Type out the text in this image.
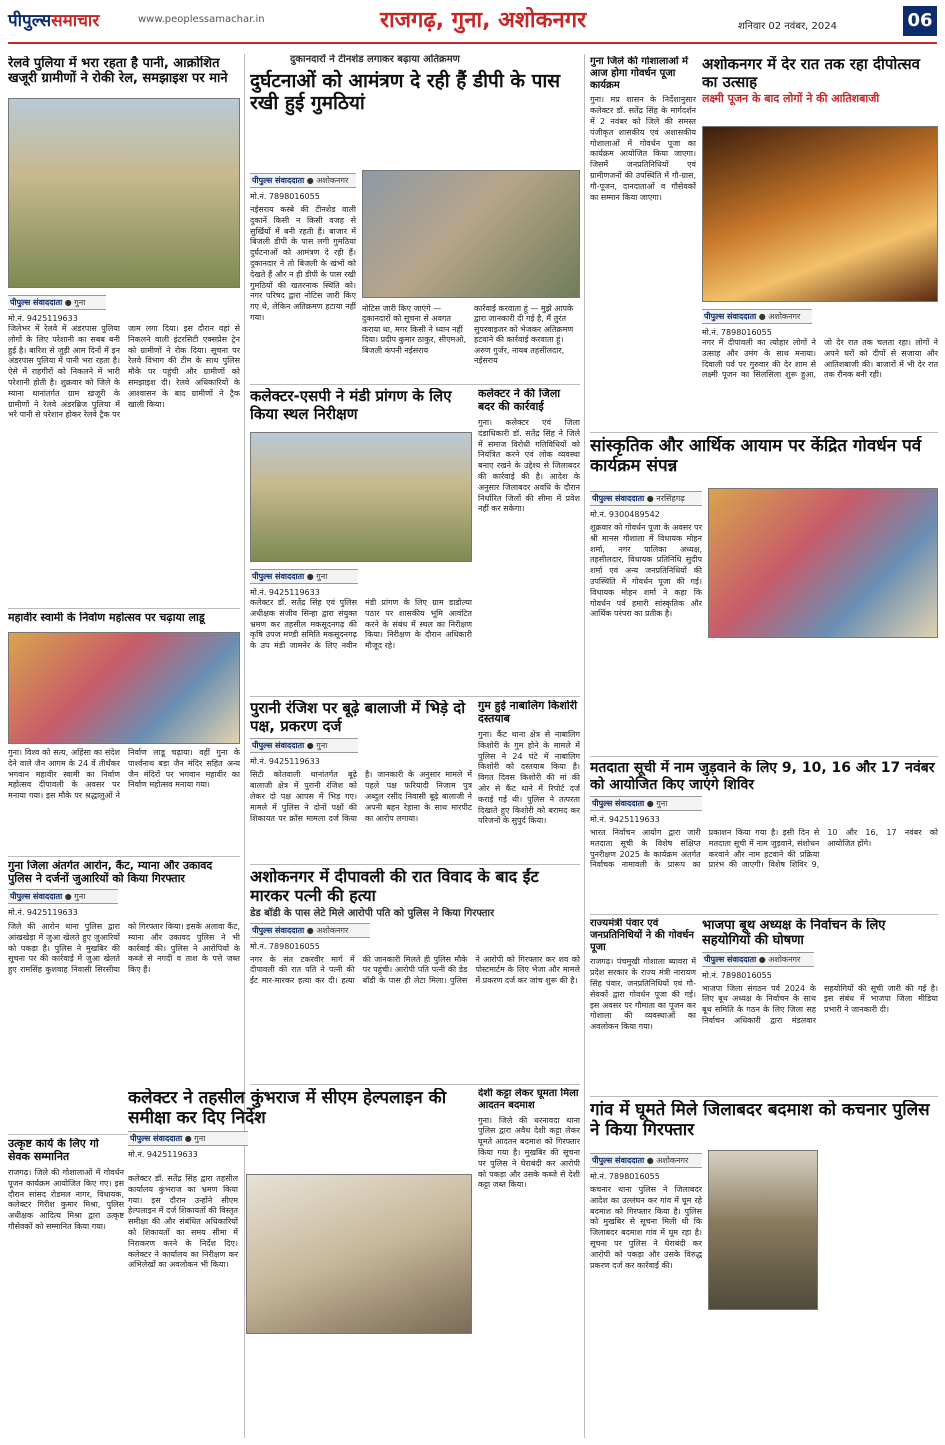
पीपुल्ससमाचार	www.peoplessamachar.in	राजगढ़, गुना, अशोकनगर	शनिवार 02 नवंबर, 2024	06
रेलवे पुलिया में भरा रहता है पानी, आक्रोशित खजूरी ग्रामीणों ने रोकी रेल, समझाइश पर माने
पीपुल्स संवाददाता ● गुना
मो.नं. 9425119633
जिलेभर में रेलवे में अंडरपास पुलिया लोगों के लिए परेशानी का सबब बनी हुई है। बारिश से जुड़ी आम दिनों में इन अंडरपास पुलिया में पानी भरा रहता है। ऐसे में राहगीरों को निकलने में भारी परेशानी होती है। शुक्रवार को जिले के म्याना थानांतर्गत ग्राम खजूरी के ग्रामीणों ने रेलवे अंडरब्रिज पुलिया में भरे पानी से परेशान होकर रेलवे ट्रैक पर जाम लगा दिया। इस दौरान वहां से निकलने वाली इंटरसिटी एक्सप्रेस ट्रेन को ग्रामीणों ने रोक दिया। सूचना पर रेलवे विभाग की टीम के साथ पुलिस मौके पर पहुंची और ग्रामीणों को समझाइश दी। रेलवे अधिकारियों के आश्वासन के बाद ग्रामीणों ने ट्रैक खाली किया।
महावीर स्वामी के निर्वाण महोत्सव पर चढ़ाया लाडू
गुना। विश्व को सत्य, अहिंसा का संदेश देने वाले जैन आगम के 24 वें तीर्थंकर भगवान महावीर स्वामी का निर्वाण महोत्सव दीपावली के अवसर पर मनाया गया। इस मौके पर श्रद्धालुओं ने निर्वाण लाडू चढ़ाया। वहीं गुना के पार्श्वनाथ बड़ा जैन मंदिर सहित अन्य जैन मंदिरों पर भगवान महावीर का निर्वाण महोत्सव मनाया गया।
गुना जिला अंतर्गत आरोन, कैंट, म्याना और उकावद पुलिस ने दर्जनों जुआरियों को किया गिरफ्तार
पीपुल्स संवाददाता ● गुना
मो.नं. 9425119633
जिले की आरोन थाना पुलिस द्वारा आंखखेड़ा में जुआ खेलते हुए जुआरियों को पकड़ा है। पुलिस ने मुखबिर की सूचना पर की कार्रवाई में जुआ खेलते हुए रामसिंह कुशवाह निवासी सिरसीया को गिरफ्तार किया। इसके अलावा कैंट, म्याना और उकावद पुलिस ने भी कार्रवाई की। पुलिस ने आरोपियों के कब्जे से नगदी व ताश के पत्ते जब्त किए हैं।
उत्कृष्ट कार्य के लिए गो सेवक सम्मानित
राजगढ़। जिले की गोशालाओं में गोवर्धन पूजन कार्यक्रम आयोजित किए गए। इस दौरान सांसद रोडमल नागर, विधायक, कलेक्टर गिरीश कुमार मिश्रा, पुलिस अधीक्षक आदित्य मिश्रा द्वारा उत्कृष्ट गौसेवकों को सम्मानित किया गया।
दुकानदारों ने टीनशेड लगाकर बढ़ाया अतिक्रमण
दुर्घटनाओं को आमंत्रण दे रही हैं डीपी के पास रखी हुई गुमठियां
पीपुल्स संवाददाता ● अशोकनगर
मो.नं. 7898016055
नईसराय कस्बे की टीनशेड वाली दुकानें किसी न किसी वजह से सुर्खियों में बनी रहती हैं। बाजार में बिजली डीपी के पास लगी गुमठियां दुर्घटनाओं को आमंत्रण दे रही हैं। दुकानदार ने तो बिजली के खंभों को देखते हैं और न ही डीपी के पास रखी गुमठियों की खतरनाक स्थिति को। नगर परिषद द्वारा नोटिस जारी किए गए थे, लेकिन अतिक्रमण हटाया नहीं गया।
नोटिस जारी किए जाएंगे — दुकानदारों को सूचना से अवगत कराया था, मगर किसी ने ध्यान नहीं दिया। प्रदीप कुमार ठाकुर, सीएमओ, बिजली कंपनी नईसराय
कार्रवाई करवाता हूं — मुझे आपके द्वारा जानकारी दी गई है, मैं तुरंत सुपरवाइजर को भेजकर अतिक्रमण हटवाने की कार्रवाई करवाता हूं। अरुण गुर्जर, नायब तहसीलदार, नईसराय
कलेक्टर-एसपी ने मंडी प्रांगण के लिए किया स्थल निरीक्षण
पीपुल्स संवाददाता ● गुना
मो.नं. 9425119633
कलेक्टर डॉ. सतेंद्र सिंह एवं पुलिस अधीक्षक संजीव सिन्हा द्वारा संयुक्त भ्रमण कर तहसील मकसूदनगढ़ की कृषि उपज मण्डी समिति मकसूदनगढ़ के उप मंडी जामनेर के लिए नवीन मंडी प्रांगण के लिए ग्राम डाडोल्या पठार पर शासकीय भूमि आवंटित करने के संबंध में स्थल का निरीक्षण किया। निरीक्षण के दौरान अधिकारी मौजूद रहे।
कलेक्टर ने की जिला बदर की कार्रवाई
गुना। कलेक्टर एवं जिला दंडाधिकारी डॉ. सतेंद्र सिंह ने जिले में समाज विरोधी गतिविधियों को नियंत्रित करने एवं लोक व्यवस्था बनाए रखने के उद्देश्य से जिलाबदर की कार्रवाई की है। आदेश के अनुसार जिलाबदर अवधि के दौरान निर्धारित जिलों की सीमा में प्रवेश नहीं कर सकेगा।
पुरानी रंजिश पर बूढ़े बालाजी में भिड़े दो पक्ष, प्रकरण दर्ज
पीपुल्स संवाददाता ● गुना
मो.नं. 9425119633
सिटी कोतवाली थानांतर्गत बूढ़े बालाजी क्षेत्र में पुरानी रंजिश को लेकर दो पक्ष आपस में भिड़ गए। मामले में पुलिस ने दोनों पक्षों की शिकायत पर क्रॉस मामला दर्ज किया है। जानकारी के अनुसार मामले में पहले पक्ष फरियादी निजाम पुत्र अब्दुल रसीद निवासी बूढ़े बालाजी ने अपनी बहन रेहाना के साथ मारपीट का आरोप लगाया।
गुम हुई नाबालिग किशोरी दस्तयाब
गुना। कैंट थाना क्षेत्र से नाबालिग किशोरी के गुम होने के मामले में पुलिस ने 24 घंटे में नाबालिग किशोरी को दस्तयाब किया है। विगत दिवस किशोरी की मां की ओर से कैंट थाने में रिपोर्ट दर्ज कराई गई थी। पुलिस ने तत्परता दिखाते हुए किशोरी को बरामद कर परिजनों के सुपुर्द किया।
अशोकनगर में दीपावली की रात विवाद के बाद ईंट मारकर पत्नी की हत्या
डेड बॉडी के पास लेटे मिले आरोपी पति को पुलिस ने किया गिरफ्तार
पीपुल्स संवाददाता ● अशोकनगर
मो.नं. 7898016055
नगर के संत टकरवीर मार्ग में दीपावली की रात पति ने पत्नी की ईंट मार-मारकर हत्या कर दी। हत्या की जानकारी मिलते ही पुलिस मौके पर पहुंची। आरोपी पति पत्नी की डेड बॉडी के पास ही लेटा मिला। पुलिस ने आरोपी को गिरफ्तार कर शव को पोस्टमार्टम के लिए भेजा और मामले में प्रकरण दर्ज कर जांच शुरू की है।
कलेक्टर ने तहसील कुंभराज में सीएम हेल्पलाइन की समीक्षा कर दिए निर्देश
पीपुल्स संवाददाता ● गुना
मो.नं. 9425119633
कलेक्टर डॉ. सतेंद्र सिंह द्वारा तहसील कार्यालय कुंभराज का भ्रमण किया गया। इस दौरान उन्होंने सीएम हेल्पलाइन में दर्ज शिकायतों की विस्तृत समीक्षा की और संबंधित अधिकारियों को शिकायतों का समय सीमा में निराकरण करने के निर्देश दिए। कलेक्टर ने कार्यालय का निरीक्षण कर अभिलेखों का अवलोकन भी किया।
देशी कट्टा लेकर घूमता मिला आदतन बदमाश
गुना। जिले की धरनावदा थाना पुलिस द्वारा अवैध देशी कट्टा लेकर घूमते आदतन बदमाश को गिरफ्तार किया गया है। मुखबिर की सूचना पर पुलिस ने घेराबंदी कर आरोपी को पकड़ा और उसके कब्जे से देशी कट्टा जब्त किया।
गुना जिले की गोशालाओं में आज होगा गोवर्धन पूजा कार्यक्रम
गुना। मप्र शासन के निर्देशानुसार कलेक्टर डॉ. सतेंद्र सिंह के मार्गदर्शन में 2 नवंबर को जिले की समस्त पंजीकृत शासकीय एवं अशासकीय गोशालाओं में गोवर्धन पूजा का कार्यक्रम आयोजित किया जाएगा। जिसमें जनप्रतिनिधियों एवं ग्रामीणजनों की उपस्थिति में गौ-ग्रास, गौ-पूजन, दानदाताओं व गौसेवकों का सम्मान किया जाएगा।
अशोकनगर में देर रात तक रहा दीपोत्सव का उत्साह
लक्ष्मी पूजन के बाद लोगों ने की आतिशबाजी
पीपुल्स संवाददाता ● अशोकनगर
मो.नं. 7898016055
नगर में दीपावली का त्योहार लोगों ने उत्साह और उमंग के साथ मनाया। दिवाली पर्व पर गुरुवार की देर शाम से लक्ष्मी पूजन का सिलसिला शुरू हुआ, जो देर रात तक चलता रहा। लोगों ने अपने घरों को दीपों से सजाया और आतिशबाजी की। बाजारों में भी देर रात तक रौनक बनी रही।
सांस्कृतिक और आर्थिक आयाम पर केंद्रित गोवर्धन पर्व कार्यक्रम संपन्न
पीपुल्स संवाददाता ● नरसिंहगढ़
मो.नं. 9300489542
शुक्रवार को गोवर्धन पूजा के अवसर पर श्री मानस गौशाला में विधायक मोहन शर्मा, नगर पालिका अध्यक्ष, तहसीलदार, विधायक प्रतिनिधि सुदीप शर्मा एवं अन्य जनप्रतिनिधियों की उपस्थिति में गोवर्धन पूजा की गई। विधायक मोहन शर्मा ने कहा कि गोवर्धन पर्व हमारी सांस्कृतिक और आर्थिक परंपरा का प्रतीक है।
मतदाता सूची में नाम जुड़वाने के लिए 9, 10, 16 और 17 नवंबर को आयोजित किए जाएंगे शिविर
पीपुल्स संवाददाता ● गुना
मो.नं. 9425119633
भारत निर्वाचन आयोग द्वारा जारी मतदाता सूची के विशेष संक्षिप्त पुनरीक्षण 2025 के कार्यक्रम अंतर्गत निर्वाचक नामावली के प्रारूप का प्रकाशन किया गया है। इसी दिन से मतदाता सूची में नाम जुड़वाने, संशोधन करवाने और नाम हटवाने की प्रक्रिया प्रारंभ की जाएगी। विशेष शिविर 9, 10 और 16, 17 नवंबर को आयोजित होंगे।
राज्यमंत्री पंवार एवं जनप्रतिनिधियों ने की गोवर्धन पूजा
राजगढ़। पंचमुखी गोशाला ब्यावरा में प्रदेश सरकार के राज्य मंत्री नारायण सिंह पंवार, जनप्रतिनिधियों एवं गौ-सेवकों द्वारा गोवर्धन पूजा की गई। इस अवसर पर गौमाता का पूजन कर गोशाला की व्यवस्थाओं का अवलोकन किया गया।
भाजपा बूथ अध्यक्ष के निर्वाचन के लिए सहयोगियों की घोषणा
पीपुल्स संवाददाता ● अशोकनगर
मो.नं. 7898016055
भाजपा जिला संगठन पर्व 2024 के लिए बूथ अध्यक्ष के निर्वाचन के साथ बूथ समिति के गठन के लिए जिला सह निर्वाचन अधिकारी द्वारा मंडलवार सहयोगियों की सूची जारी की गई है। इस संबंध में भाजपा जिला मीडिया प्रभारी ने जानकारी दी।
गांव में घूमते मिले जिलाबदर बदमाश को कचनार पुलिस ने किया गिरफ्तार
पीपुल्स संवाददाता ● अशोकनगर
मो.नं. 7898016055
कचनार थाना पुलिस ने जिलाबदर आदेश का उल्लंघन कर गांव में घूम रहे बदमाश को गिरफ्तार किया है। पुलिस को मुखबिर से सूचना मिली थी कि जिलाबदर बदमाश गांव में घूम रहा है। सूचना पर पुलिस ने घेराबंदी कर आरोपी को पकड़ा और उसके विरुद्ध प्रकरण दर्ज कर कार्रवाई की।
